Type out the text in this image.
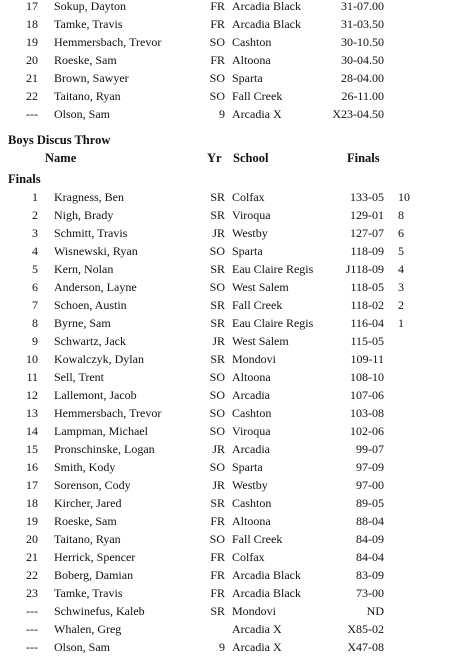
17 Sokup, Dayton	FR Arcadia Black	31-07.00
18 Tamke, Travis	FR Arcadia Black	31-03.50
19 Hemmersbach, Trevor	SO Cashton	30-10.50
20 Roeske, Sam	FR Altoona	30-04.50
21 Brown, Sawyer	SO Sparta	28-04.00
22 Taitano, Ryan	SO Fall Creek	26-11.00
--- Olson, Sam	9 Arcadia X	X23-04.50
Boys Discus Throw
Name	Yr School	Finals
Finals
1 Kragness, Ben	SR Colfax	133-05 10
2 Nigh, Brady	SR Viroqua	129-01 8
3 Schmitt, Travis	JR Westby	127-07 6
4 Wisnewski, Ryan	SO Sparta	118-09 5
5 Kern, Nolan	SR Eau Claire Regis	J118-09 4
6 Anderson, Layne	SO West Salem	118-05 3
7 Schoen, Austin	SR Fall Creek	118-02 2
8 Byrne, Sam	SR Eau Claire Regis	116-04 1
9 Schwartz, Jack	JR West Salem	115-05
10 Kowalczyk, Dylan	SR Mondovi	109-11
11 Sell, Trent	SO Altoona	108-10
12 Lallemont, Jacob	SO Arcadia	107-06
13 Hemmersbach, Trevor	SO Cashton	103-08
14 Lampman, Michael	SO Viroqua	102-06
15 Pronschinske, Logan	JR Arcadia	99-07
16 Smith, Kody	SO Sparta	97-09
17 Sorenson, Cody	JR Westby	97-00
18 Kircher, Jared	SR Cashton	89-05
19 Roeske, Sam	FR Altoona	88-04
20 Taitano, Ryan	SO Fall Creek	84-09
21 Herrick, Spencer	FR Colfax	84-04
22 Boberg, Damian	FR Arcadia Black	83-09
23 Tamke, Travis	FR Arcadia Black	73-00
--- Schwinefus, Kaleb	SR Mondovi	ND
--- Whalen, Greg	Arcadia X	X85-02
--- Olson, Sam	9 Arcadia X	X47-08
